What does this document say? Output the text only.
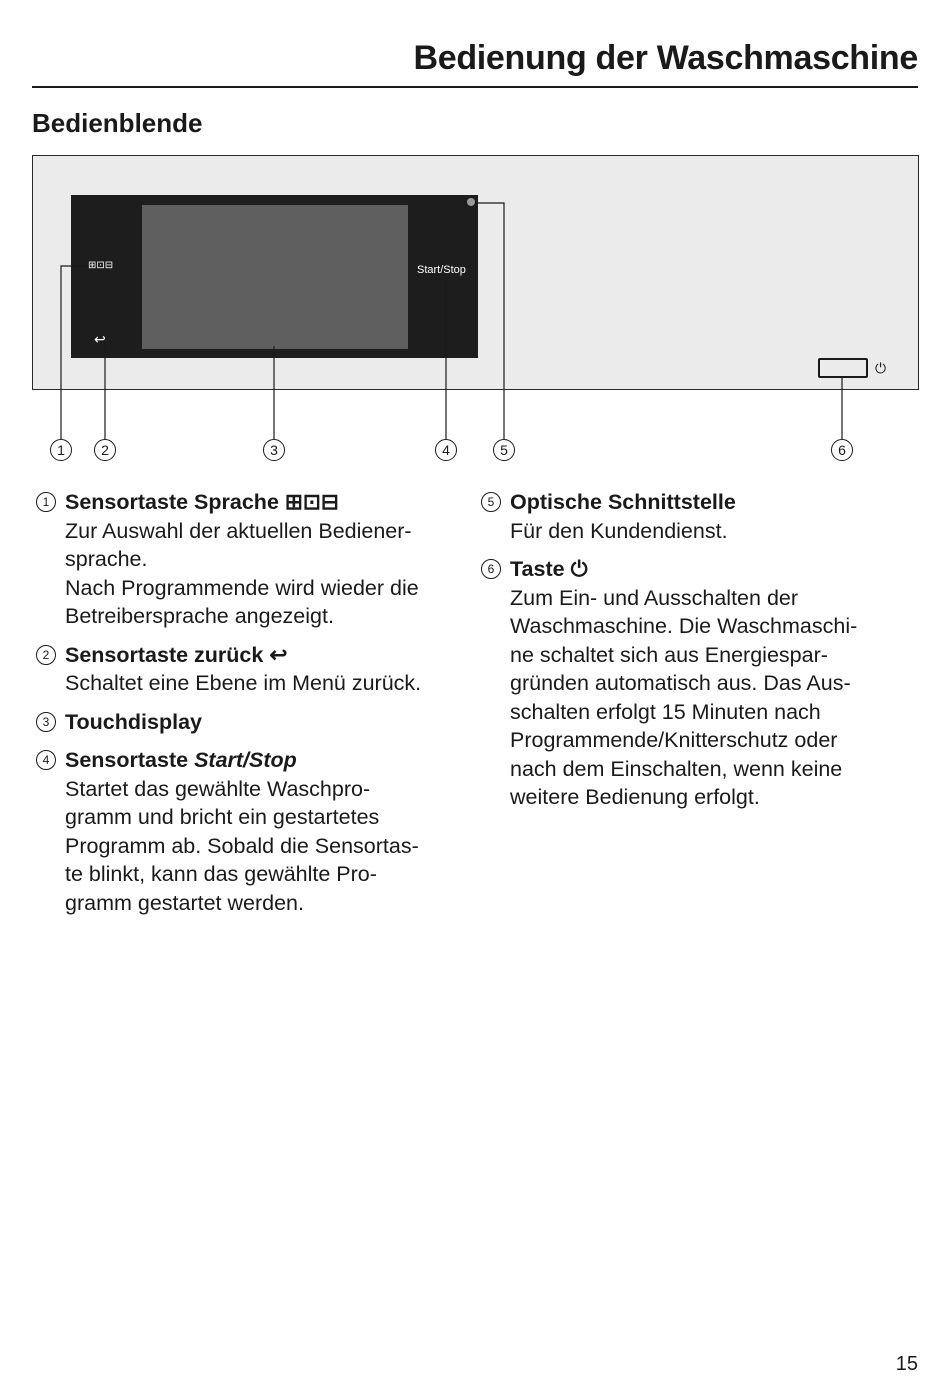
Bedienung der Waschmaschine
Bedienblende
⊞⊡⊟
↩
Start/Stop
⏻
1	2	3	4	5	6
1 Sensortaste Sprache ⊞⊡⊟
Zur Auswahl der aktuellen Bediener-
sprache.
Nach Programmende wird wieder die
Betreibersprache angezeigt.
2 Sensortaste zurück ↩
Schaltet eine Ebene im Menü zurück.
3 Touchdisplay
4 Sensortaste Start/Stop
Startet das gewählte Waschpro-
gramm und bricht ein gestartetes
Programm ab. Sobald die Sensortas-
te blinkt, kann das gewählte Pro-
gramm gestartet werden.
5 Optische Schnittstelle
Für den Kundendienst.
6 Taste ⏻
Zum Ein- und Ausschalten der
Waschmaschine. Die Waschmaschi-
ne schaltet sich aus Energiespar-
gründen automatisch aus. Das Aus-
schalten erfolgt 15 Minuten nach
Programmende/Knitterschutz oder
nach dem Einschalten, wenn keine
weitere Bedienung erfolgt.
15
